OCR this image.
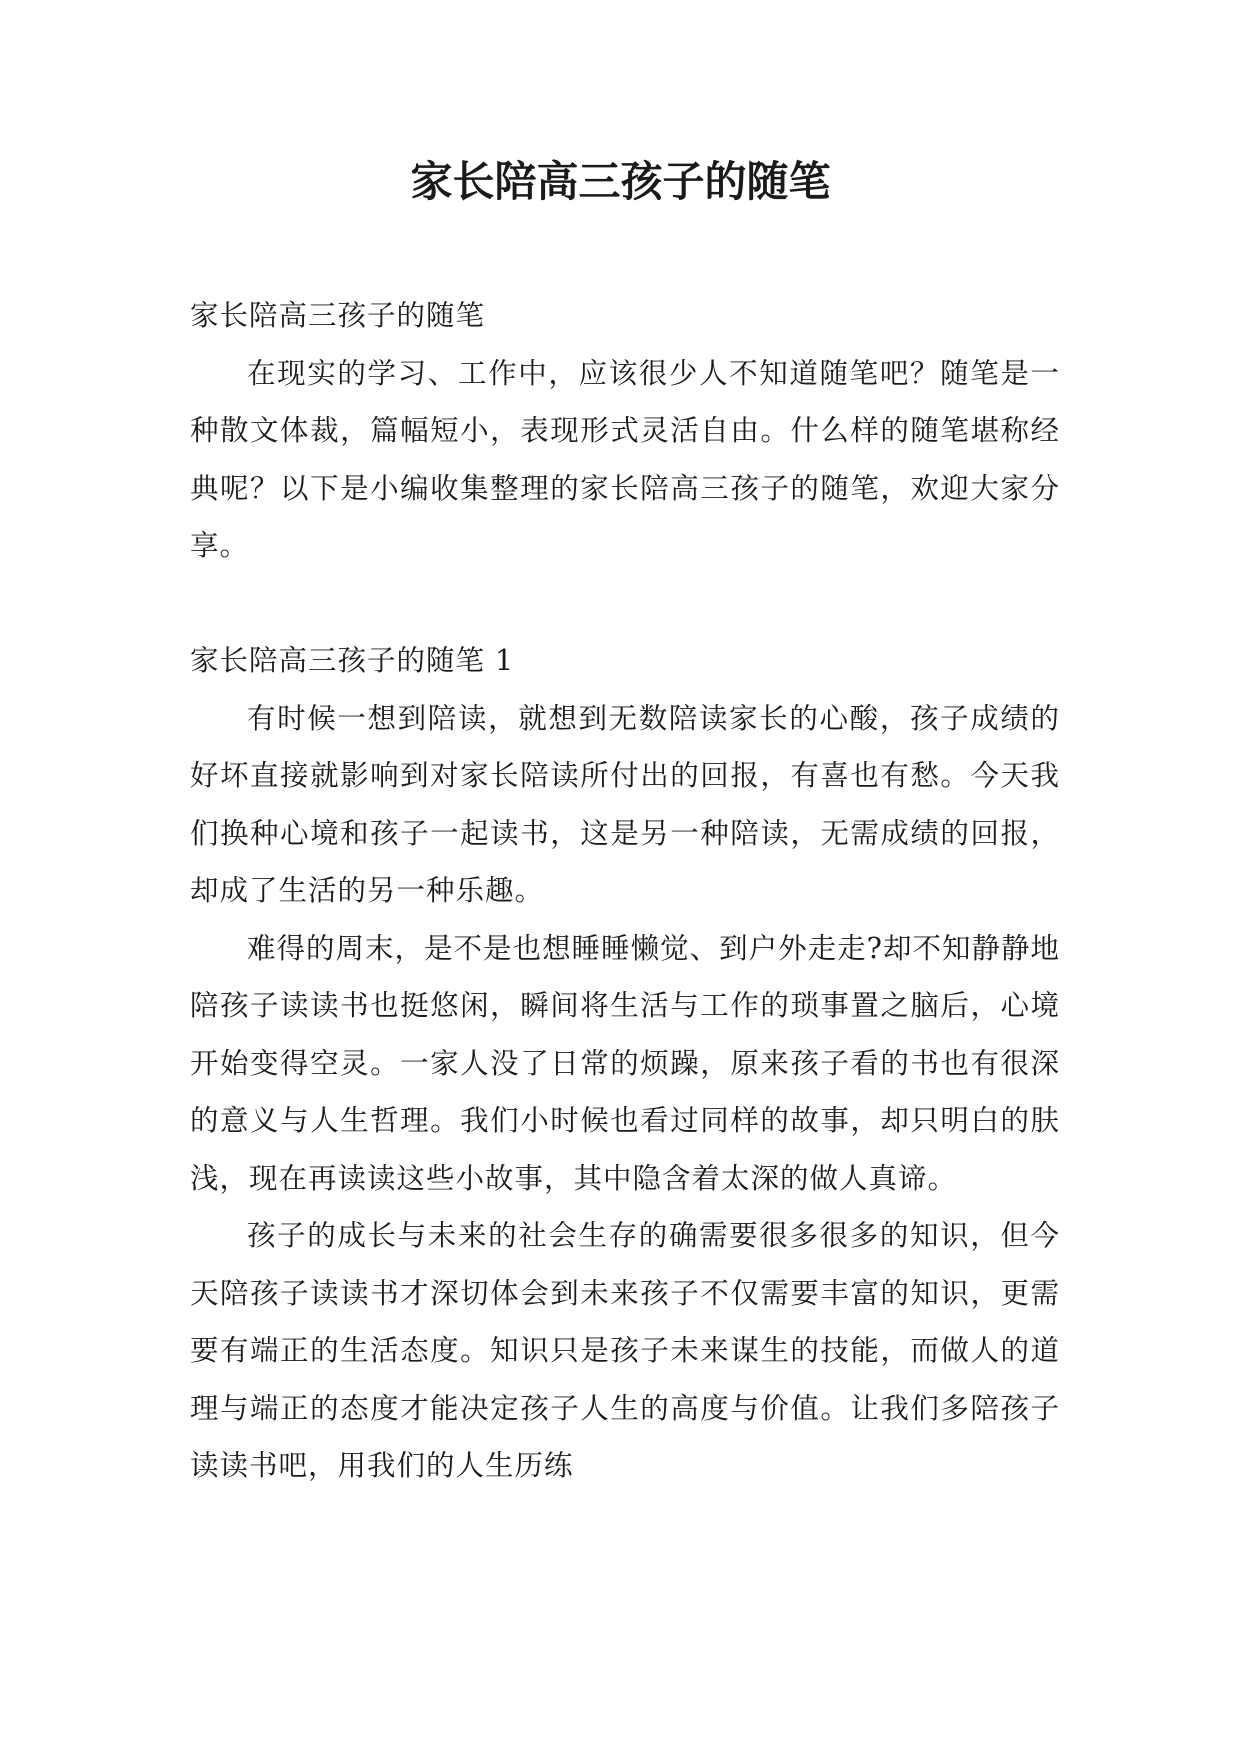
家长陪高三孩子的随笔

家长陪高三孩子的随笔

在现实的学习、工作中，应该很少人不知道随笔吧？随笔是一种散文体裁，篇幅短小，表现形式灵活自由。什么样的随笔堪称经典呢？以下是小编收集整理的家长陪高三孩子的随笔，欢迎大家分享。

家长陪高三孩子的随笔 1

有时候一想到陪读，就想到无数陪读家长的心酸，孩子成绩的好坏直接就影响到对家长陪读所付出的回报，有喜也有愁。今天我们换种心境和孩子一起读书，这是另一种陪读，无需成绩的回报，却成了生活的另一种乐趣。

难得的周末，是不是也想睡睡懒觉、到户外走走?却不知静静地陪孩子读读书也挺悠闲，瞬间将生活与工作的琐事置之脑后，心境开始变得空灵。一家人没了日常的烦躁，原来孩子看的书也有很深的意义与人生哲理。我们小时候也看过同样的故事，却只明白的肤浅，现在再读读这些小故事，其中隐含着太深的做人真谛。

孩子的成长与未来的社会生存的确需要很多很多的知识，但今天陪孩子读读书才深切体会到未来孩子不仅需要丰富的知识，更需要有端正的生活态度。知识只是孩子未来谋生的技能，而做人的道理与端正的态度才能决定孩子人生的高度与价值。让我们多陪孩子读读书吧，用我们的人生历练
